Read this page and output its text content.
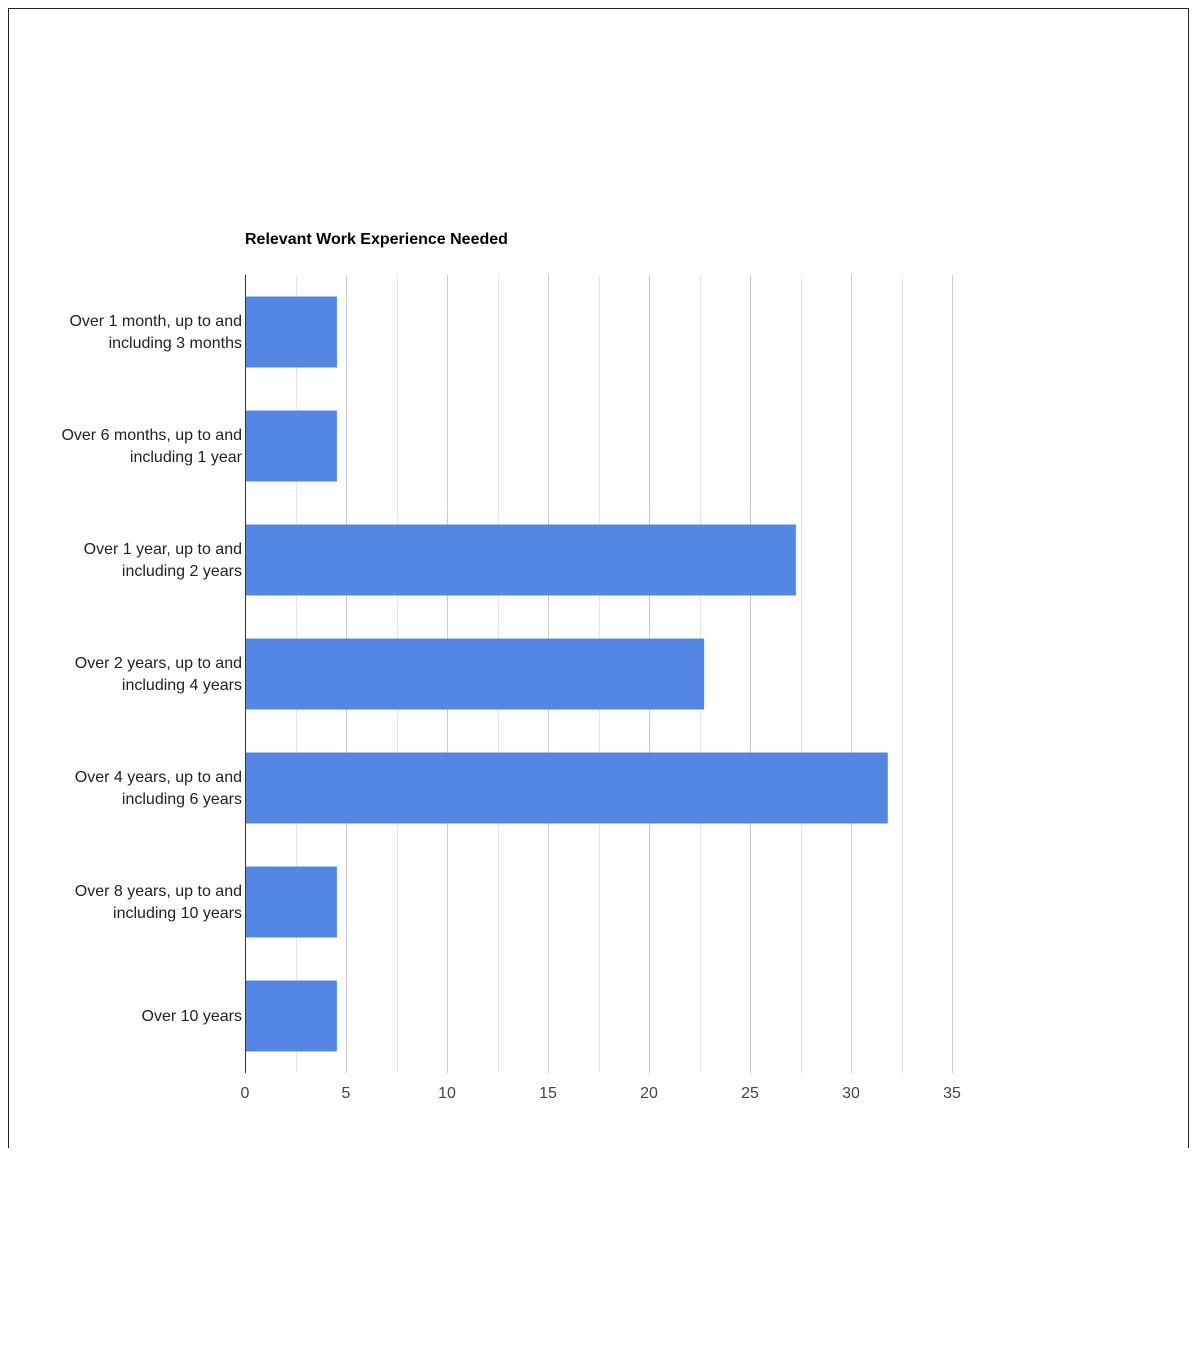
Relevant Work Experience Needed
Over 1 month, up to and including 3 months
Over 6 months, up to and including 1 year
Over 1 year, up to and including 2 years
Over 2 years, up to and including 4 years
Over 4 years, up to and including 6 years
Over 8 years, up to and including 10 years
Over 10 years
0	5	10	15	20	25	30	35
